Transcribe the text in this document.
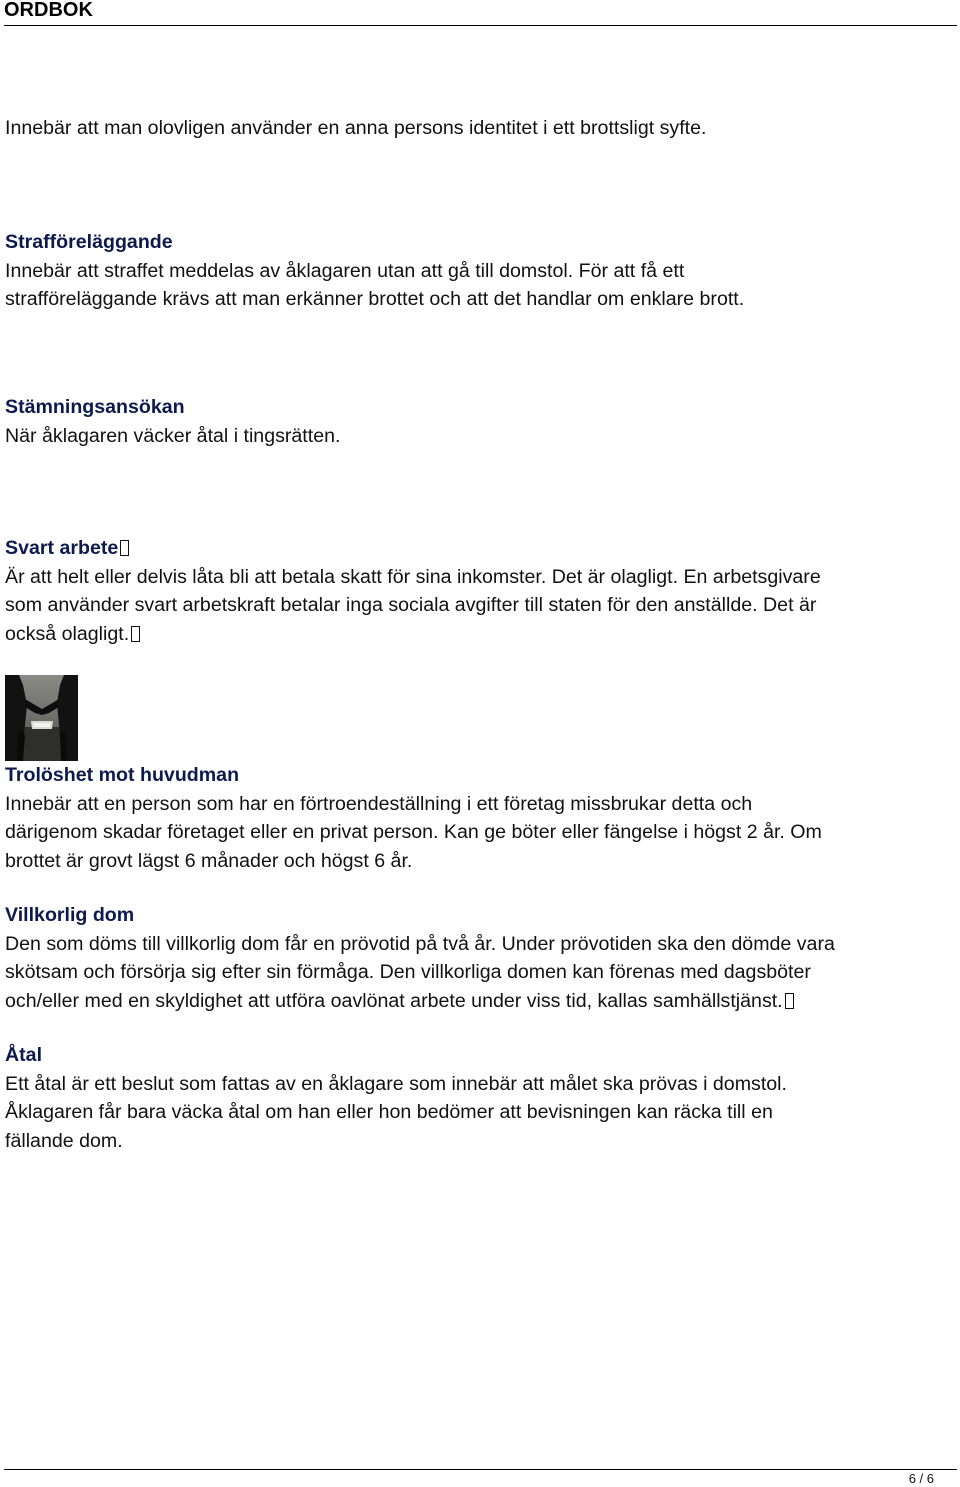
ORDBOK
Innebär att man olovligen använder en anna persons identitet i ett brottsligt syfte.
Strafföreläggande
Innebär att straffet meddelas av åklagaren utan att gå till domstol. För att få ett
strafföreläggande krävs att man erkänner brottet och att det handlar om enklare brott.
Stämningsansökan
När åklagaren väcker åtal i tingsrätten.
Svart arbete
Är att helt eller delvis låta bli att betala skatt för sina inkomster. Det är olagligt. En arbetsgivare
som använder svart arbetskraft betalar inga sociala avgifter till staten för den anställde. Det är
också olagligt.
Trolöshet mot huvudman
Innebär att en person som har en förtroendeställning i ett företag missbrukar detta och
därigenom skadar företaget eller en privat person. Kan ge böter eller fängelse i högst 2 år. Om
brottet är grovt lägst 6 månader och högst 6 år.
Villkorlig dom
Den som döms till villkorlig dom får en prövotid på två år. Under prövotiden ska den dömde vara
skötsam och försörja sig efter sin förmåga. Den villkorliga domen kan förenas med dagsböter
och/eller med en skyldighet att utföra oavlönat arbete under viss tid, kallas samhällstjänst.
Åtal
Ett åtal är ett beslut som fattas av en åklagare som innebär att målet ska prövas i domstol.
Åklagaren får bara väcka åtal om han eller hon bedömer att bevisningen kan räcka till en
fällande dom.
6 / 6
